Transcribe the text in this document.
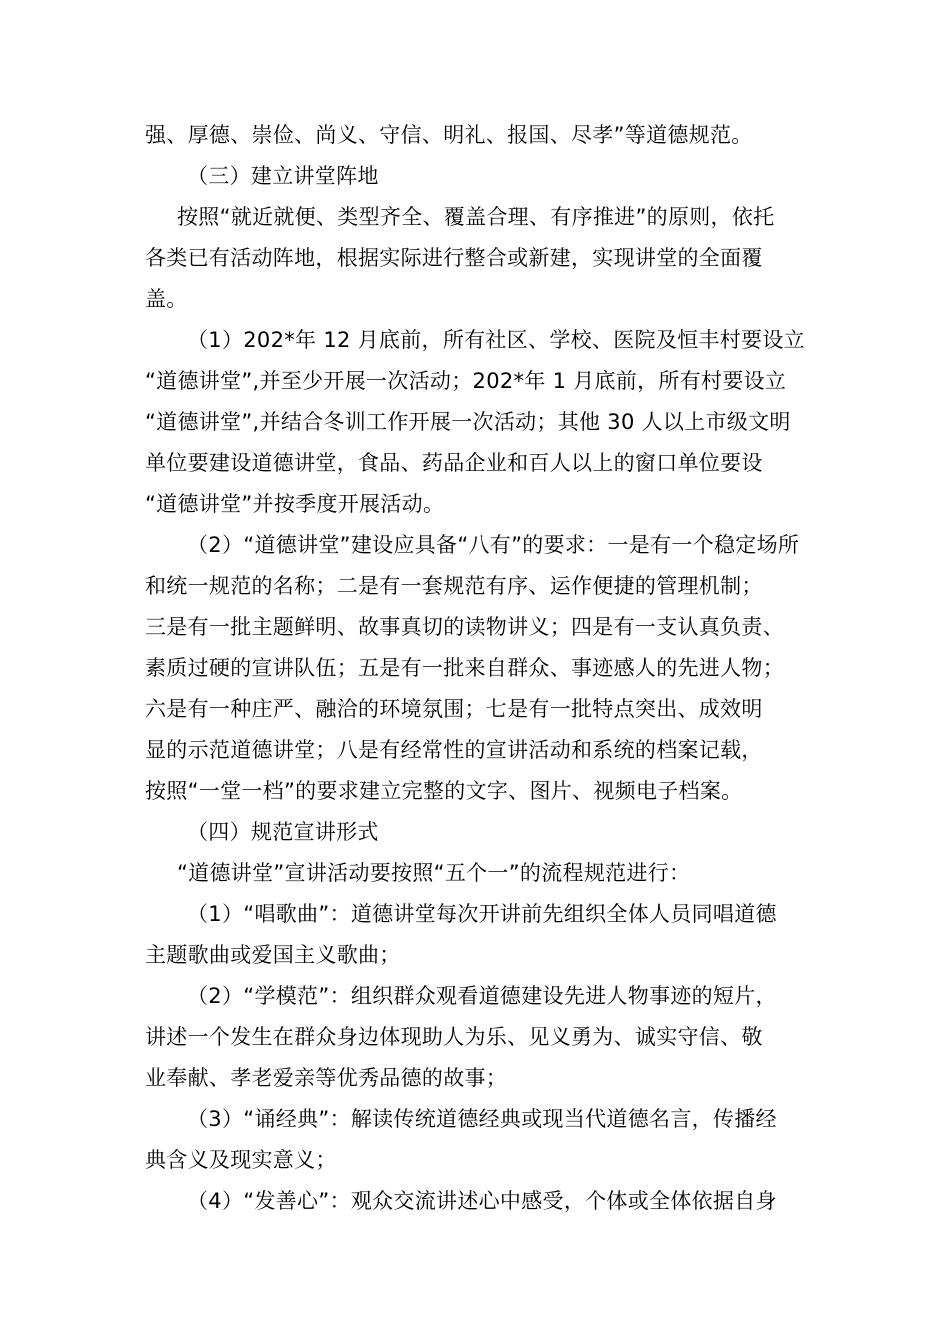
强、厚德、崇俭、尚义、守信、明礼、报国、尽孝”等道德规范。
（三）建立讲堂阵地
按照“就近就便、类型齐全、覆盖合理、有序推进”的原则，依托
各类已有活动阵地，根据实际进行整合或新建，实现讲堂的全面覆
盖。
（1）202*年 12 月底前，所有社区、学校、医院及恒丰村要设立
“道德讲堂”,并至少开展一次活动；202*年 1 月底前，所有村要设立
“道德讲堂”,并结合冬训工作开展一次活动；其他 30 人以上市级文明
单位要建设道德讲堂，食品、药品企业和百人以上的窗口单位要设
“道德讲堂”并按季度开展活动。
（2）“道德讲堂”建设应具备“八有”的要求：一是有一个稳定场所
和统一规范的名称；二是有一套规范有序、运作便捷的管理机制；
三是有一批主题鲜明、故事真切的读物讲义；四是有一支认真负责、
素质过硬的宣讲队伍；五是有一批来自群众、事迹感人的先进人物；
六是有一种庄严、融洽的环境氛围；七是有一批特点突出、成效明
显的示范道德讲堂；八是有经常性的宣讲活动和系统的档案记载，
按照“一堂一档”的要求建立完整的文字、图片、视频电子档案。
（四）规范宣讲形式
“道德讲堂”宣讲活动要按照“五个一”的流程规范进行：
（1）“唱歌曲”：道德讲堂每次开讲前先组织全体人员同唱道德
主题歌曲或爱国主义歌曲；
（2）“学模范”：组织群众观看道德建设先进人物事迹的短片，
讲述一个发生在群众身边体现助人为乐、见义勇为、诚实守信、敬
业奉献、孝老爱亲等优秀品德的故事；
（3）“诵经典”：解读传统道德经典或现当代道德名言，传播经
典含义及现实意义；
（4）“发善心”：观众交流讲述心中感受，个体或全体依据自身
